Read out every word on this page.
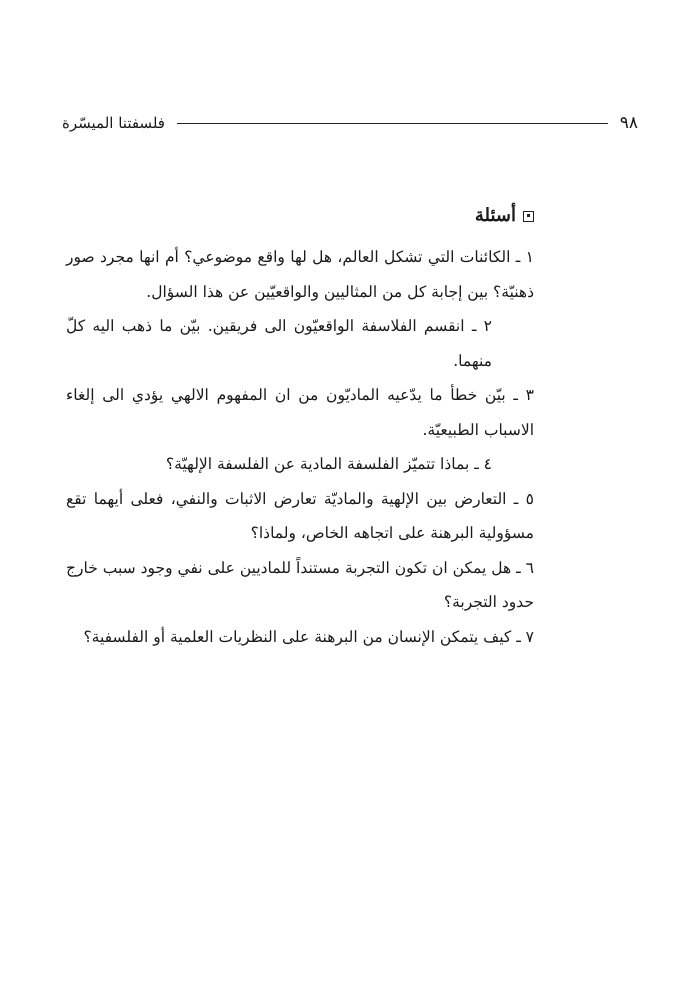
٩٨
فلسفتنا الميسّرة
أسئلة

١ ـ الكائنات التي تشكل العالم، هل لها واقع موضوعي؟ أم انها مجرد صور ذهنيّة؟ بين إجابة كل من المثاليين والواقعيّين عن هذا السؤال.

٢ ـ انقسم الفلاسفة الواقعيّون الى فريقين. بيّن ما ذهب اليه كلّ منهما.

٣ ـ بيّن خطأ ما يدّعيه الماديّون من ان المفهوم الالهي يؤدي الى إلغاء الاسباب الطبيعيّة.

٤ ـ بماذا تتميّز الفلسفة المادية عن الفلسفة الإلهيّة؟

٥ ـ التعارض بين الإلهية والماديّة تعارض الاثبات والنفي، فعلى أيهما تقع مسؤولية البرهنة على اتجاهه الخاص، ولماذا؟

٦ ـ هل يمكن ان تكون التجربة مستنداً للماديين على نفي وجود سبب خارج حدود التجربة؟

٧ ـ كيف يتمكن الإنسان من البرهنة على النظريات العلمية أو الفلسفية؟
